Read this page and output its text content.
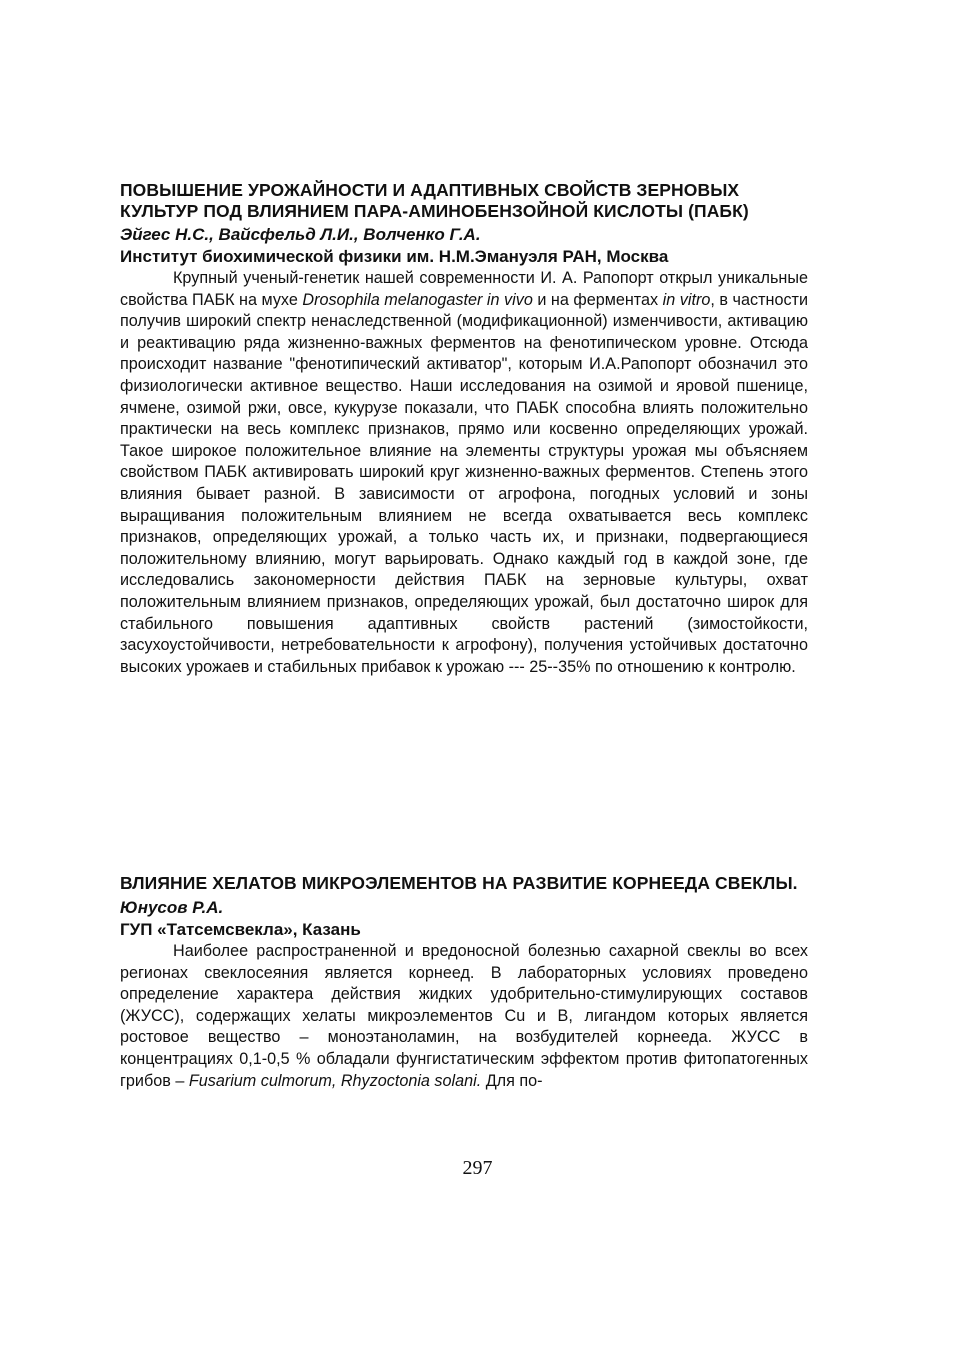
ПОВЫШЕНИЕ УРОЖАЙНОСТИ И АДАПТИВНЫХ СВОЙСТВ ЗЕРНОВЫХ КУЛЬТУР ПОД ВЛИЯНИЕМ ПАРА-АМИНОБЕНЗОЙНОЙ КИСЛОТЫ (ПАБК)
Эйгес Н.С., Вайсфельд Л.И., Волченко Г.А.
Институт биохимической физики им. Н.М.Эмануэля РАН, Москва

Крупный ученый-генетик нашей современности И. А. Рапопорт открыл уникальные свойства ПАБК на мухе Drosophila melanogaster in vivo и на ферментах in vitro, в частности получив широкий спектр ненаследственной (модификационной) изменчивости, активацию и реактивацию ряда жизненно-важных ферментов на фенотипическом уровне. Отсюда происходит название "фенотипический активатор", которым И.А.Рапопорт обозначил это физиологически активное вещество. Наши исследования на озимой и яровой пшенице, ячмене, озимой ржи, овсе, кукурузе показали, что ПАБК способна влиять положительно практически на весь комплекс признаков, прямо или косвенно определяющих урожай. Такое широкое положительное влияние на элементы структуры урожая мы объясняем свойством ПАБК активировать широкий круг жизненно-важных ферментов. Степень этого влияния бывает разной. В зависимости от агрофона, погодных условий и зоны выращивания положительным влиянием не всегда охватывается весь комплекс признаков, определяющих урожай, а только часть их, и признаки, подвергающиеся положительному влиянию, могут варьировать. Однако каждый год в каждой зоне, где исследовались закономерности действия ПАБК на зерновые культуры, охват положительным влиянием признаков, определяющих урожай, был достаточно широк для стабильного повышения адаптивных свойств растений (зимостойкости, засухоустойчивости, нетребовательности к агрофону), получения устойчивых достаточно высоких урожаев и стабильных прибавок к урожаю --- 25--35% по отношению к контролю.

ВЛИЯНИЕ ХЕЛАТОВ МИКРОЭЛЕМЕНТОВ НА РАЗВИТИЕ КОРНЕЕДА СВЕКЛЫ.
Юнусов Р.А.
ГУП «Татсемсвекла», Казань

Наиболее распространенной и вредоносной болезнью сахарной свеклы во всех регионах свеклосеяния является корнеед. В лабораторных условиях проведено определение характера действия жидких удобрительно-стимулирующих составов (ЖУСС), содержащих хелаты микроэлементов Cu и B, лигандом которых является ростовое вещество – моноэтаноламин, на возбудителей корнееда. ЖУСС в концентрациях 0,1-0,5 % обладали фунгистатическим эффектом против фитопатогенных грибов – Fusarium culmorum, Rhyzoctonia solani. Для по-

297
